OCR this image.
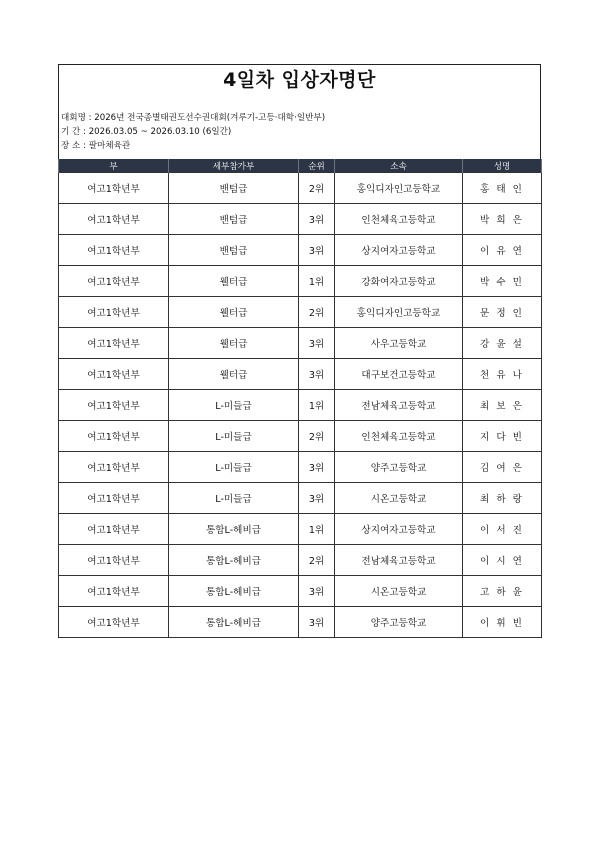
4일차 입상자명단
대회명 : 2026년 전국종별태권도선수권대회(겨루기-고등·대학·일반부)
기 간 : 2026.03.05 ~ 2026.03.10 (6일간)
장 소 : 팔마체육관
부	세부참가부	순위	소속	성명
여고1학년부	밴텀급	2위	홍익디자인고등학교	홍 태 인
여고1학년부	밴텀급	3위	인천체육고등학교	박 희 은
여고1학년부	밴텀급	3위	상지여자고등학교	이 유 연
여고1학년부	웰터급	1위	강화여자고등학교	박 수 민
여고1학년부	웰터급	2위	홍익디자인고등학교	문 정 인
여고1학년부	웰터급	3위	사우고등학교	강 윤 설
여고1학년부	웰터급	3위	대구보건고등학교	천 유 나
여고1학년부	L-미들급	1위	전남체육고등학교	최 보 은
여고1학년부	L-미들급	2위	인천체육고등학교	지 다 빈
여고1학년부	L-미들급	3위	양주고등학교	김 여 은
여고1학년부	L-미들급	3위	시온고등학교	최 하 랑
여고1학년부	통합L-헤비급	1위	상지여자고등학교	이 서 진
여고1학년부	통합L-헤비급	2위	전남체육고등학교	이 시 연
여고1학년부	통합L-헤비급	3위	시온고등학교	고 하 윤
여고1학년부	통합L-헤비급	3위	양주고등학교	이 휘 빈
